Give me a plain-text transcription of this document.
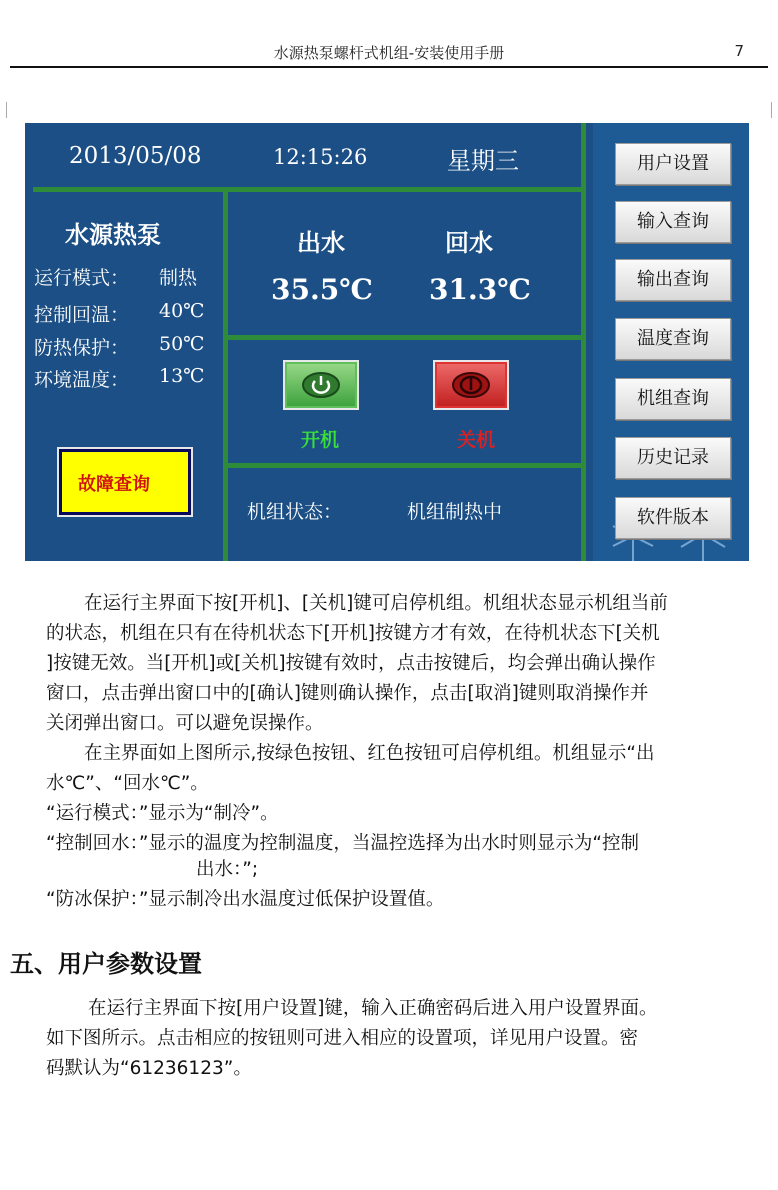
水源热泵螺杆式机组-安装使用手册	7
2013/05/08	12:15:26	星期三
水源热泵
运行模式： 制热
控制回温： 40℃
防热保护： 50℃
环境温度： 13℃
出水	回水
35.5℃ 31.3℃
开机	关机
故障查询
机组状态：	机组制热中
用户设置
输入查询
输出查询
温度查询
机组查询
历史记录
软件版本
在运行主界面下按[开机]、[关机]键可启停机组。机组状态显示机组当前
的状态，机组在只有在待机状态下[开机]按键方才有效，在待机状态下[关机
]按键无效。当[开机]或[关机]按键有效时，点击按键后，均会弹出确认操作
窗口，点击弹出窗口中的[确认]键则确认操作，点击[取消]键则取消操作并
关闭弹出窗口。可以避免误操作。
在主界面如上图所示,按绿色按钮、红色按钮可启停机组。机组显示“出
水℃”、“回水℃”。
“运行模式：”显示为“制冷”。
“控制回水：”显示的温度为控制温度，当温控选择为出水时则显示为“控制
出水：”;
“防冰保护：”显示制冷出水温度过低保护设置值。
五、用户参数设置
在运行主界面下按[用户设置]键，输入正确密码后进入用户设置界面。
如下图所示。点击相应的按钮则可进入相应的设置项，详见用户设置。密
码默认为“61236123”。
